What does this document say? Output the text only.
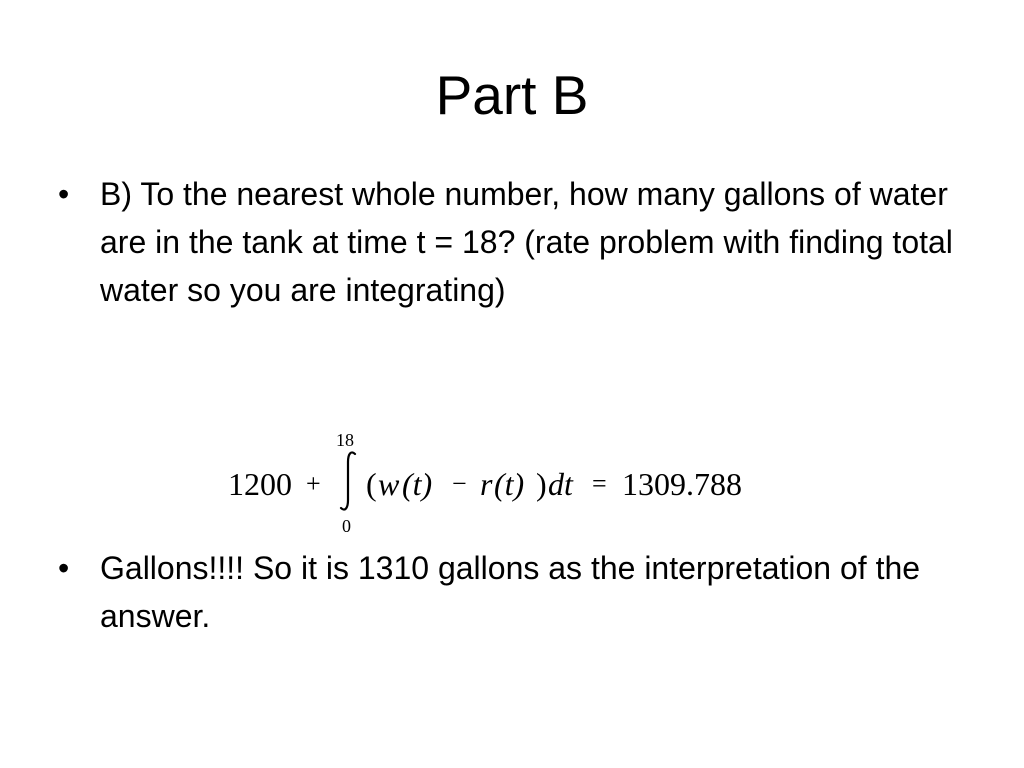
Part B
• B) To the nearest whole number, how many gallons of water are in the tank at time t = 18? (rate problem with finding total water so you are integrating)
1200 +
18
0
( w (t) − r (t) ) dt = 1309.788
• Gallons!!!! So it is 1310 gallons as the interpretation of the answer.
